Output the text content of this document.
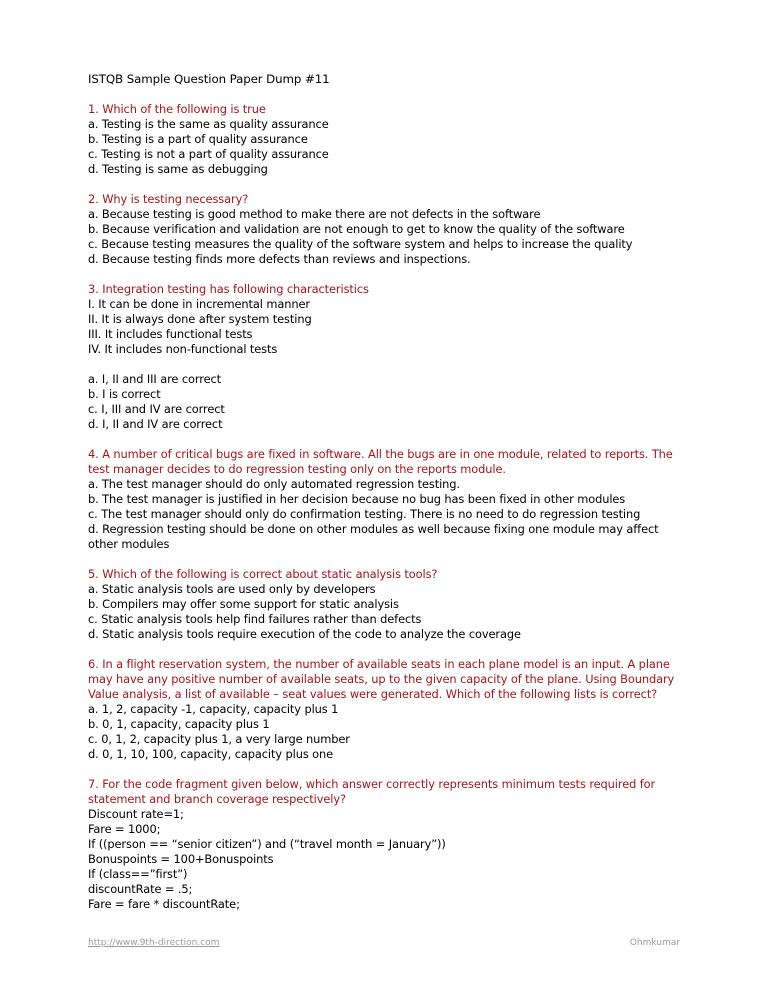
ISTQB Sample Question Paper Dump #11
1. Which of the following is true
a. Testing is the same as quality assurance
b. Testing is a part of quality assurance
c. Testing is not a part of quality assurance
d. Testing is same as debugging
2. Why is testing necessary?
a. Because testing is good method to make there are not defects in the software
b. Because verification and validation are not enough to get to know the quality of the software
c. Because testing measures the quality of the software system and helps to increase the quality
d. Because testing finds more defects than reviews and inspections.
3. Integration testing has following characteristics
I. It can be done in incremental manner
II. It is always done after system testing
III. It includes functional tests
IV. It includes non-functional tests
a. I, II and III are correct
b. I is correct
c. I, III and IV are correct
d. I, II and IV are correct
4. A number of critical bugs are fixed in software. All the bugs are in one module, related to reports. The test manager decides to do regression testing only on the reports module.
a. The test manager should do only automated regression testing.
b. The test manager is justified in her decision because no bug has been fixed in other modules
c. The test manager should only do confirmation testing. There is no need to do regression testing
d. Regression testing should be done on other modules as well because fixing one module may affect other modules
5. Which of the following is correct about static analysis tools?
a. Static analysis tools are used only by developers
b. Compilers may offer some support for static analysis
c. Static analysis tools help find failures rather than defects
d. Static analysis tools require execution of the code to analyze the coverage
6. In a flight reservation system, the number of available seats in each plane model is an input. A plane may have any positive number of available seats, up to the given capacity of the plane. Using Boundary Value analysis, a list of available – seat values were generated. Which of the following lists is correct?
a. 1, 2, capacity -1, capacity, capacity plus 1
b. 0, 1, capacity, capacity plus 1
c. 0, 1, 2, capacity plus 1, a very large number
d. 0, 1, 10, 100, capacity, capacity plus one
7. For the code fragment given below, which answer correctly represents minimum tests required for statement and branch coverage respectively?
Discount rate=1;
Fare = 1000;
If ((person == “senior citizen”) and (“travel month = January”))
Bonuspoints = 100+Bonuspoints
If (class==”first”)
discountRate = .5;
Fare = fare * discountRate;
http://www.9th-direction.com	Ohmkumar
